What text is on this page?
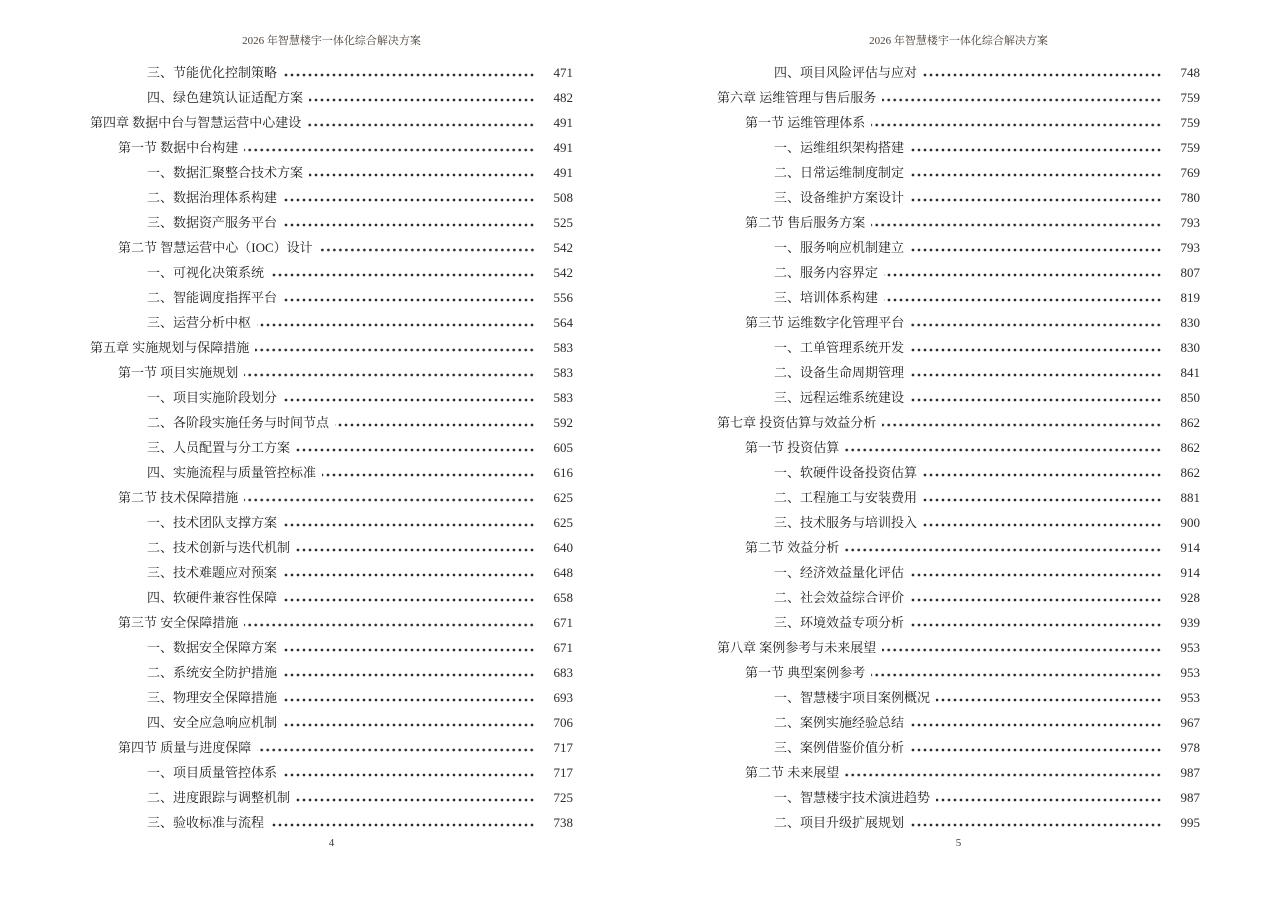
2026 年智慧楼宇一体化综合解决方案
三、节能优化控制策略	471
四、绿色建筑认证适配方案	482
第四章 数据中台与智慧运营中心建设	491
第一节 数据中台构建	491
一、数据汇聚整合技术方案	491
二、数据治理体系构建	508
三、数据资产服务平台	525
第二节 智慧运营中心（IOC）设计	542
一、可视化决策系统	542
二、智能调度指挥平台	556
三、运营分析中枢	564
第五章 实施规划与保障措施	583
第一节 项目实施规划	583
一、项目实施阶段划分	583
二、各阶段实施任务与时间节点	592
三、人员配置与分工方案	605
四、实施流程与质量管控标准	616
第二节 技术保障措施	625
一、技术团队支撑方案	625
二、技术创新与迭代机制	640
三、技术难题应对预案	648
四、软硬件兼容性保障	658
第三节 安全保障措施	671
一、数据安全保障方案	671
二、系统安全防护措施	683
三、物理安全保障措施	693
四、安全应急响应机制	706
第四节 质量与进度保障	717
一、项目质量管控体系	717
二、进度跟踪与调整机制	725
三、验收标准与流程	738
4
2026 年智慧楼宇一体化综合解决方案
四、项目风险评估与应对	748
第六章 运维管理与售后服务	759
第一节 运维管理体系	759
一、运维组织架构搭建	759
二、日常运维制度制定	769
三、设备维护方案设计	780
第二节 售后服务方案	793
一、服务响应机制建立	793
二、服务内容界定	807
三、培训体系构建	819
第三节 运维数字化管理平台	830
一、工单管理系统开发	830
二、设备生命周期管理	841
三、远程运维系统建设	850
第七章 投资估算与效益分析	862
第一节 投资估算	862
一、软硬件设备投资估算	862
二、工程施工与安装费用	881
三、技术服务与培训投入	900
第二节 效益分析	914
一、经济效益量化评估	914
二、社会效益综合评价	928
三、环境效益专项分析	939
第八章 案例参考与未来展望	953
第一节 典型案例参考	953
一、智慧楼宇项目案例概况	953
二、案例实施经验总结	967
三、案例借鉴价值分析	978
第二节 未来展望	987
一、智慧楼宇技术演进趋势	987
二、项目升级扩展规划	995
5
